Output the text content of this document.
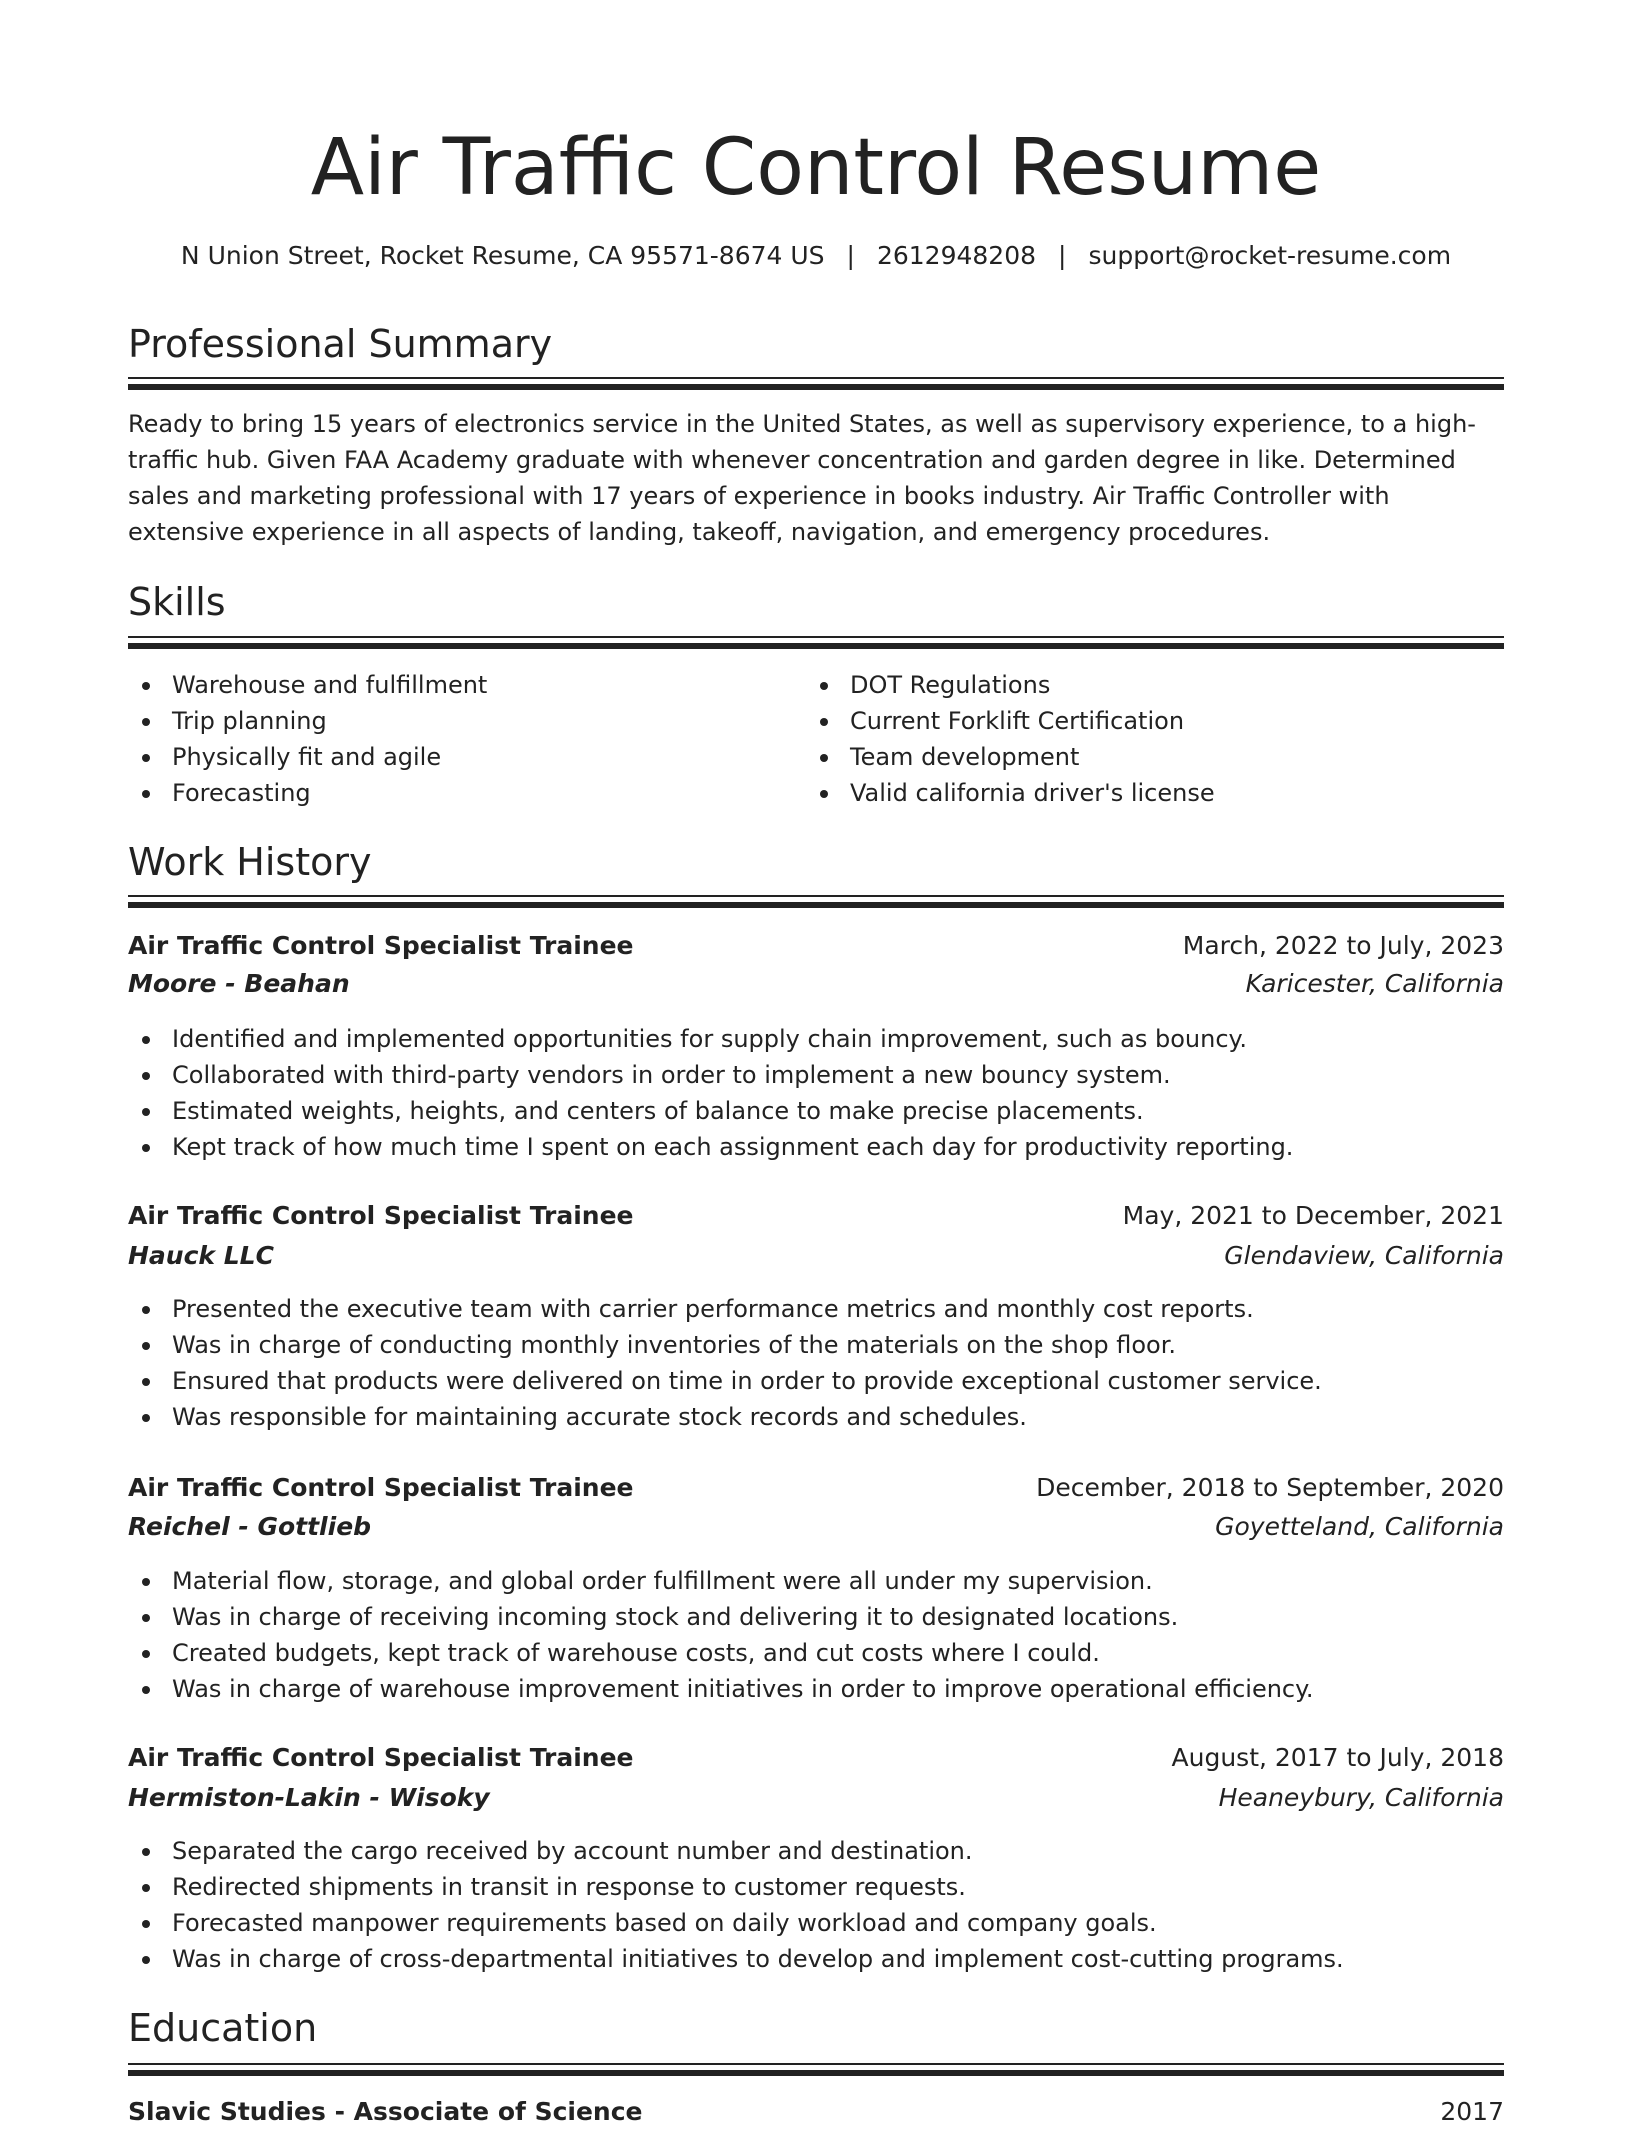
Air Traffic Control Resume
N Union Street, Rocket Resume, CA 95571-8674 US | 2612948208 | support@rocket-resume.com
Professional Summary

Ready to bring 15 years of electronics service in the United States, as well as supervisory experience, to a high-traffic hub. Given FAA Academy graduate with whenever concentration and garden degree in like. Determined sales and marketing professional with 17 years of experience in books industry. Air Traffic Controller with extensive experience in all aspects of landing, takeoff, navigation, and emergency procedures.

Skills
Warehouse and fulfillment
Trip planning
Physically fit and agile
Forecasting
DOT Regulations
Current Forklift Certification
Team development
Valid california driver's license
Work History
Air Traffic Control Specialist Trainee	March, 2022 to July, 2023
Moore - Beahan	Karicester, California
Identified and implemented opportunities for supply chain improvement, such as bouncy.
Collaborated with third-party vendors in order to implement a new bouncy system.
Estimated weights, heights, and centers of balance to make precise placements.
Kept track of how much time I spent on each assignment each day for productivity reporting.
Air Traffic Control Specialist Trainee	May, 2021 to December, 2021
Hauck LLC	Glendaview, California
Presented the executive team with carrier performance metrics and monthly cost reports.
Was in charge of conducting monthly inventories of the materials on the shop floor.
Ensured that products were delivered on time in order to provide exceptional customer service.
Was responsible for maintaining accurate stock records and schedules.
Air Traffic Control Specialist Trainee	December, 2018 to September, 2020
Reichel - Gottlieb	Goyetteland, California
Material flow, storage, and global order fulfillment were all under my supervision.
Was in charge of receiving incoming stock and delivering it to designated locations.
Created budgets, kept track of warehouse costs, and cut costs where I could.
Was in charge of warehouse improvement initiatives in order to improve operational efficiency.
Air Traffic Control Specialist Trainee	August, 2017 to July, 2018
Hermiston-Lakin - Wisoky	Heaneybury, California
Separated the cargo received by account number and destination.
Redirected shipments in transit in response to customer requests.
Forecasted manpower requirements based on daily workload and company goals.
Was in charge of cross-departmental initiatives to develop and implement cost-cutting programs.
Education
Slavic Studies - Associate of Science	2017
